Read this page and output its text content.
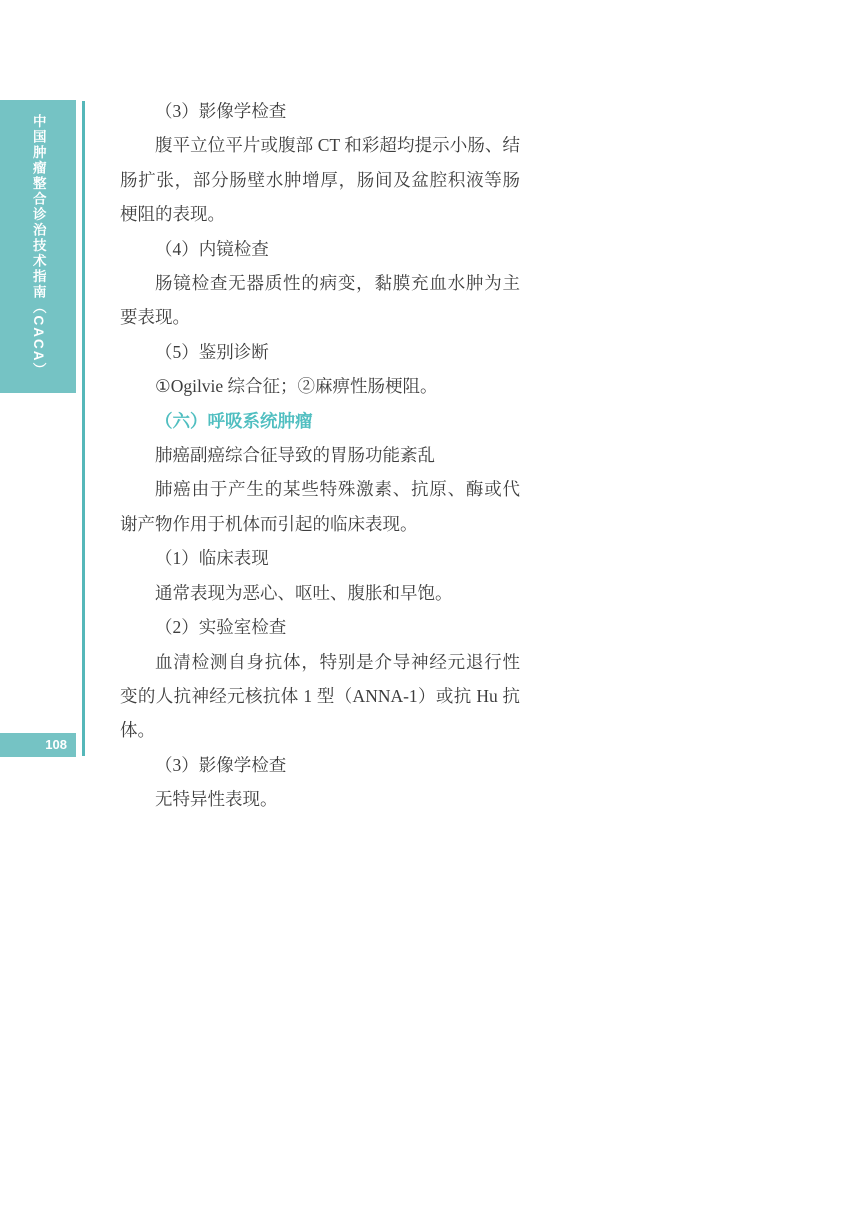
中国肿瘤整合诊治技术指南（CACA）
108
（3）影像学检查
腹平立位平片或腹部 CT 和彩超均提示小肠、结肠扩张，部分肠壁水肿增厚，肠间及盆腔积液等肠梗阻的表现。
（4）内镜检查
肠镜检查无器质性的病变，黏膜充血水肿为主要表现。
（5）鉴别诊断
①Ogilvie 综合征；②麻痹性肠梗阻。
（六）呼吸系统肿瘤
肺癌副癌综合征导致的胃肠功能紊乱
肺癌由于产生的某些特殊激素、抗原、酶或代谢产物作用于机体而引起的临床表现。
（1）临床表现
通常表现为恶心、呕吐、腹胀和早饱。
（2）实验室检查
血清检测自身抗体，特别是介导神经元退行性变的人抗神经元核抗体 1 型（ANNA-1）或抗 Hu 抗体。
（3）影像学检查
无特异性表现。
